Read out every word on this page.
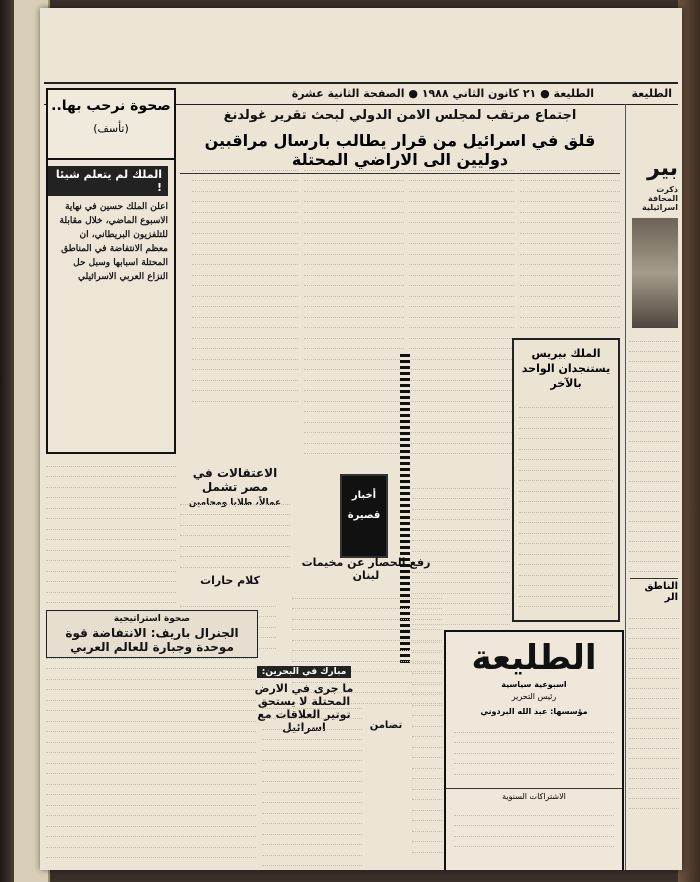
الطليعة
الطليعة ● ٢١ كانون الثاني ١٩٨٨ ● الصفحة الثانية عشرة
بير
ذكرت المحافة اسرائيلية
الناطق الر
اجتماع مرتقب لمجلس الامن الدولي لبحث تقرير غولدنغ
قلق في اسرائيل من قرار يطالب بارسال مراقبين دوليين الى الاراضي المحتلة
صحوة نرحب بها..
(تأسف)
الملك بيريس يستنجدان الواحد بالآخر
الملك لم يتعلم شيئا !
اعلن الملك حسين في نهاية الاسبوع الماضي، خلال مقابلة للتلفزيون البريطاني، ان معظم الانتفاضة في المناطق المحتلة اسبابها وسبل حل النزاع العربي الاسرائيلي
أخبار قصيرة
الاعتقالات في مصر تشمل
عمالاً، طلابا ومحامين
رفع الحصار عن مخيمات لبنان
كلام حارات
صحوة استراتيجية
الجنرال باريف: الانتفاضة قوة موحدة وجبارة للعالم العربي
مبارك في البحرين:
ما جرى في الارض المحتلة لا يستحق توتير العلاقات مع اسرائيل	تضامن
الطليعة
اسبوعية سياسية
رئيس التحرير
مؤسسها: عبد الله البردوني
الاشتراكات السنوية
